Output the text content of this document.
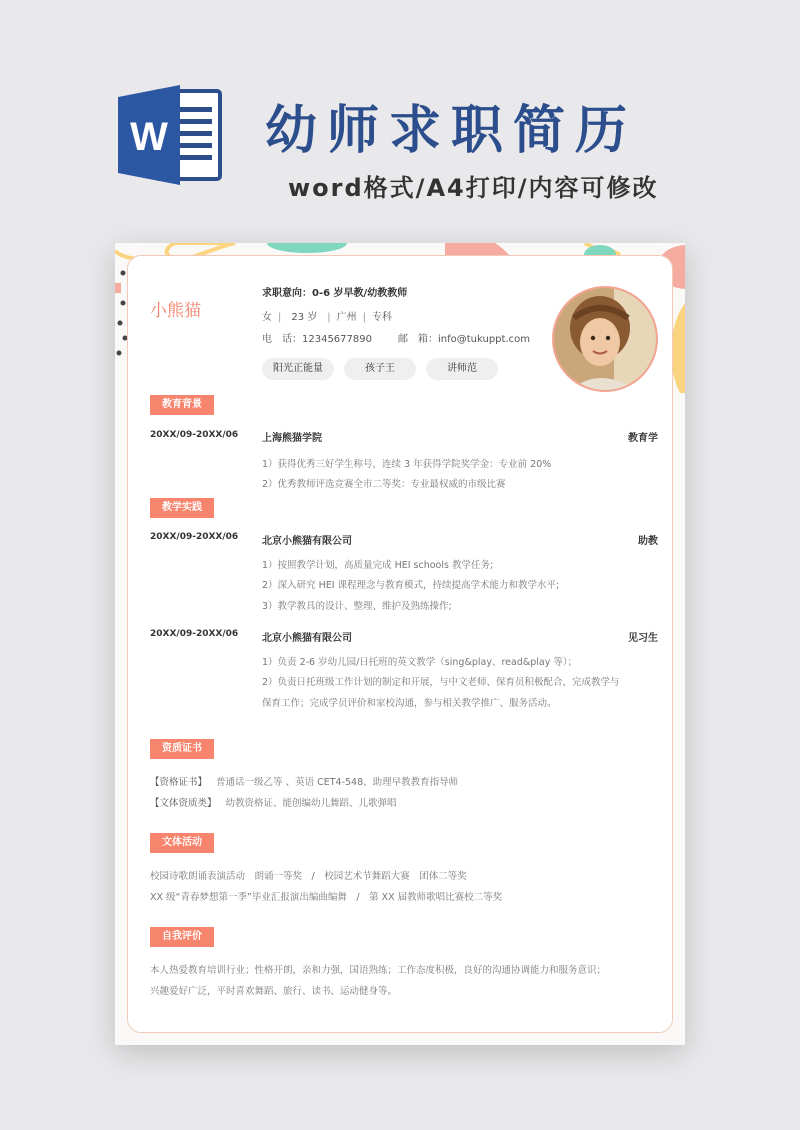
W 幼师求职简历
word格式/A4打印/内容可修改
小熊猫
求职意向：0-6 岁早教/幼教教师
女 | 23 岁 | 广州 | 专科
电　话：12345677890	邮　箱：info@tukuppt.com
阳光正能量	孩子王	讲师范
教育背景
20XX/09-20XX/06 上海熊猫学院	教育学
1）获得优秀三好学生称号，连续 3 年获得学院奖学金：专业前 20%
2）优秀教师评选竞赛全市二等奖：专业最权威的市级比赛
教学实践
20XX/09-20XX/06 北京小熊猫有限公司	助教
1）按照教学计划，高质量完成 HEI schools 教学任务;
2）深入研究 HEI 课程理念与教育模式，持续提高学术能力和教学水平;
3）教学教具的设计、整理、维护及熟练操作;
20XX/09-20XX/06 北京小熊猫有限公司	见习生
1）负责 2-6 岁幼儿园/日托班的英文教学（sing&play、read&play 等）；
2）负责日托班级工作计划的制定和开展，与中文老师、保育员积极配合，完成教学与
保育工作；完成学员评价和家校沟通，参与相关教学推广、服务活动。
资质证书
【资格证书】 普通话一级乙等 、英语 CET4-548、助理早教教育指导师
【文体资质类】 幼教资格证、能创编幼儿舞蹈、儿歌弹唱
文体活动
校园诗歌朗诵表演活动　朗诵一等奖　/　校园艺术节舞蹈大赛　团体二等奖
XX 级“青春梦想第一季”毕业汇报演出编曲编舞　/　第 XX 届教师歌唱比赛校二等奖
自我评价
本人热爱教育培训行业；性格开朗，亲和力强，国语熟练；工作态度积极，良好的沟通协调能力和服务意识；
兴趣爱好广泛，平时喜欢舞蹈、旅行、读书、运动健身等。
